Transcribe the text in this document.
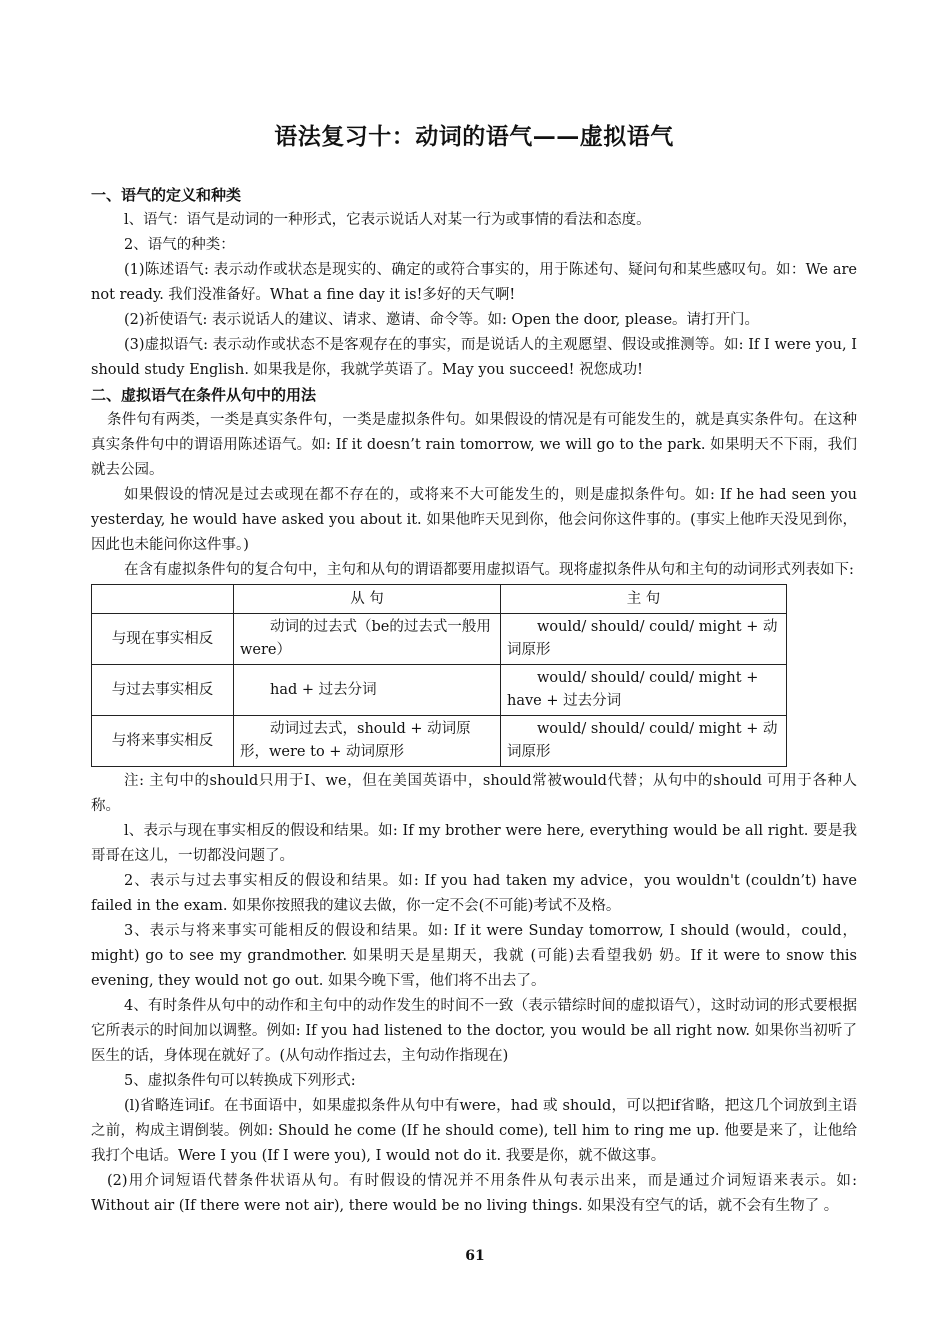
语法复习十：动词的语气——虚拟语气
一、语气的定义和种类

l、语气：语气是动词的一种形式，它表示说话人对某一行为或事情的看法和态度。

2、语气的种类：

(1)陈述语气: 表示动作或状态是现实的、确定的或符合事实的，用于陈述句、疑问句和某些感叹句。如：We are not ready. 我们没准备好。What a fine day it is!多好的天气啊!

(2)祈使语气: 表示说话人的建议、请求、邀请、命令等。如: Open the door, please。请打开门。

(3)虚拟语气: 表示动作或状态不是客观存在的事实，而是说话人的主观愿望、假设或推测等。如: If I were you, I should study English. 如果我是你，我就学英语了。May you succeed! 祝您成功!

二、虚拟语气在条件从句中的用法

条件句有两类，一类是真实条件句，一类是虚拟条件句。如果假设的情况是有可能发生的，就是真实条件句。在这种真实条件句中的谓语用陈述语气。如: If it doesn’t rain tomorrow, we will go to the park. 如果明天不下雨，我们就去公园。

如果假设的情况是过去或现在都不存在的，或将来不大可能发生的，则是虚拟条件句。如: If he had seen you yesterday, he would have asked you about it. 如果他昨天见到你，他会问你这件事的。(事实上他昨天没见到你，因此也未能问你这件事。)

在含有虚拟条件句的复合句中，主句和从句的谓语都要用虚拟语气。现将虚拟条件从句和主句的动词形式列表如下:

	从 句	主 句
与现在事实相反	动词的过去式（be的过去式一般用were）	would/ should/ could/ might + 动词原形

与过去事实相反	had + 过去分词	would/ should/ could/ might + have + 过去分词

与将来事实相反	动词过去式，should + 动词原形，were to + 动词原形	would/ should/ could/ might + 动词原形

注: 主句中的should只用于I、we，但在美国英语中，should常被would代替；从句中的should 可用于各种人称。

l、表示与现在事实相反的假设和结果。如: If my brother were here, everything would be all right. 要是我哥哥在这儿，一切都没问题了。

2、表示与过去事实相反的假设和结果。如: If you had taken my advice，you wouldn't (couldn’t) have failed in the exam. 如果你按照我的建议去做，你一定不会(不可能)考试不及格。

3、表示与将来事实可能相反的假设和结果。如: If it were Sunday tomorrow, I should (would，could，might) go to see my grandmother. 如果明天是星期天，我就 (可能)去看望我奶 奶。If it were to snow this evening, they would not go out. 如果今晚下雪，他们将不出去了。

4、有时条件从句中的动作和主句中的动作发生的时间不一致（表示错综时间的虚拟语气），这时动词的形式要根据它所表示的时间加以调整。例如: If you had listened to the doctor, you would be all right now. 如果你当初听了医生的话，身体现在就好了。(从句动作指过去，主句动作指现在)

5、虚拟条件句可以转换成下列形式:

(l)省略连词if。在书面语中，如果虚拟条件从句中有were，had 或 should，可以把if省略，把这几个词放到主语之前，构成主谓倒装。例如: Should he come (If he should come), tell him to ring me up. 他要是来了，让他给我打个电话。Were I you (If I were you), I would not do it. 我要是你，就不做这事。

(2)用介词短语代替条件状语从句。有时假设的情况并不用条件从句表示出来，而是通过介词短语来表示。如: Without air (If there were not air), there would be no living things. 如果没有空气的话，就不会有生物了 。

61
